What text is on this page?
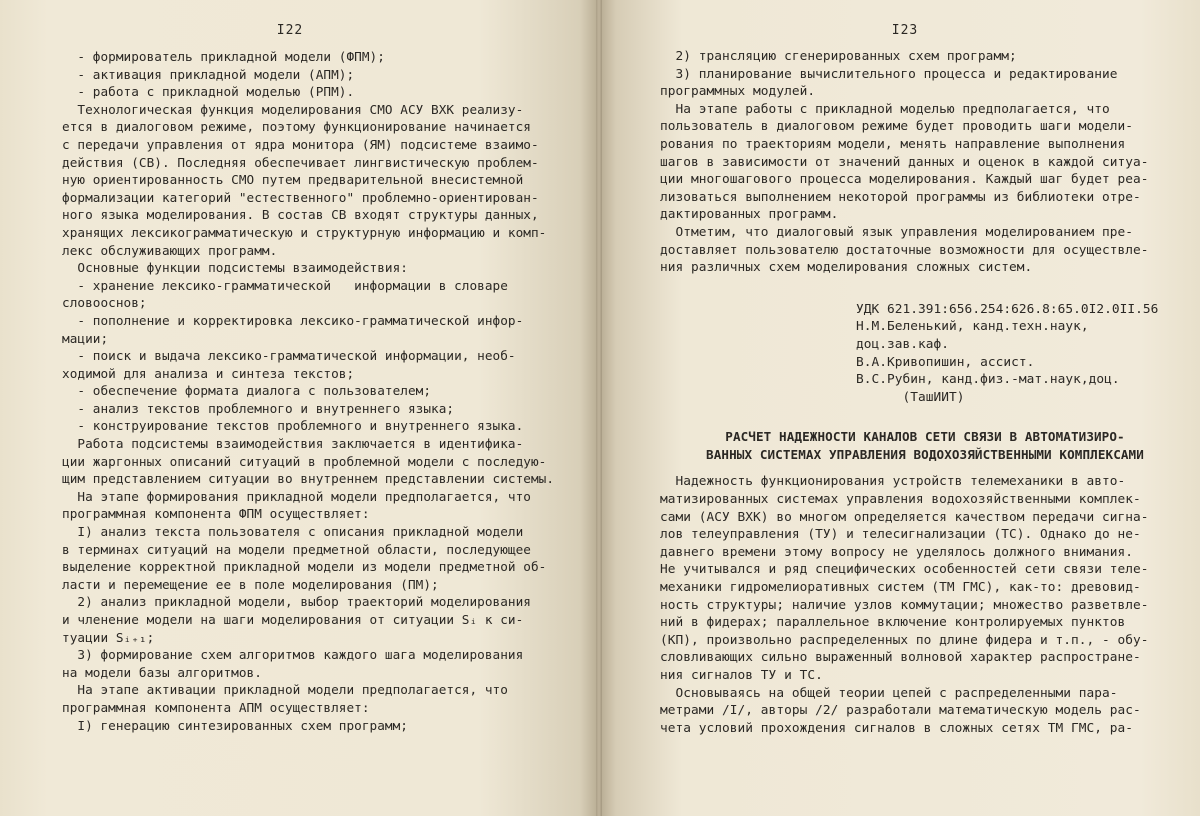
I22
- формирователь прикладной модели (ФПМ);
- активация прикладной модели (АПМ);
- работа с прикладной моделью (РПМ).
Технологическая функция моделирования СМО АСУ ВХК реализу-
ется в диалоговом режиме, поэтому функционирование начинается
с передачи управления от ядра монитора (ЯМ) подсистеме взаимо-
действия (СВ). Последняя обеспечивает лингвистическую проблем-
ную ориентированность СМО путем предварительной внесистемной
формализации категорий "естественного" проблемно-ориентирован-
ного языка моделирования. В состав СВ входят структуры данных,
хранящих лексикограмматическую и структурную информацию и комп-
лекс обслуживающих программ.
Основные функции подсистемы взаимодействия:
- хранение лексико-грамматической   информации в словаре
словооснов;
- пополнение и корректировка лексико-грамматической инфор-
мации;
- поиск и выдача лексико-грамматической информации, необ-
ходимой для анализа и синтеза текстов;
- обеспечение формата диалога с пользователем;
- анализ текстов проблемного и внутреннего языка;
- конструирование текстов проблемного и внутреннего языка.
Работа подсистемы взаимодействия заключается в идентифика-
ции жаргонных описаний ситуаций в проблемной модели с последую-
щим представлением ситуации во внутреннем представлении системы.
На этапе формирования прикладной модели предполагается, что
программная компонента ФПМ осуществляет:
I) анализ текста пользователя с описания прикладной модели
в терминах ситуаций на модели предметной области, последующее
выделение корректной прикладной модели из модели предметной об-
ласти и перемещение ее в поле моделирования (ПМ);
2) анализ прикладной модели, выбор траекторий моделирования
и членение модели на шаги моделирования от ситуации Sᵢ к си-
туации Sᵢ₊₁;
3) формирование схем алгоритмов каждого шага моделирования
на модели базы алгоритмов.
На этапе активации прикладной модели предполагается, что
программная компонента АПМ осуществляет:
I) генерацию синтезированных схем программ;
I23
2) трансляцию сгенерированных схем программ;
3) планирование вычислительного процесса и редактирование
программных модулей.
На этапе работы с прикладной моделью предполагается, что
пользователь в диалоговом режиме будет проводить шаги модели-
рования по траекториям модели, менять направление выполнения
шагов в зависимости от значений данных и оценок в каждой ситуа-
ции многошагового процесса моделирования. Каждый шаг будет реа-
лизоваться выполнением некоторой программы из библиотеки отре-
дактированных программ.
Отметим, что диалоговый язык управления моделированием пре-
доставляет пользователю достаточные возможности для осуществле-
ния различных схем моделирования сложных систем.
УДК 621.391:656.254:626.8:65.0I2.0II.56
Н.М.Беленький, канд.техн.наук,
доц.зав.каф.
В.А.Кривопишин, ассист.
В.С.Рубин, канд.физ.-мат.наук,доц.
(ТашИИТ)
РАСЧЕТ НАДЕЖНОСТИ КАНАЛОВ СЕТИ СВЯЗИ В АВТОМАТИЗИРО-
ВАННЫХ СИСТЕМАХ УПРАВЛЕНИЯ ВОДОХОЗЯЙСТВЕННЫМИ КОМПЛЕКСАМИ
Надежность функционирования устройств телемеханики в авто-
матизированных системах управления водохозяйственными комплек-
сами (АСУ ВХК) во многом определяется качеством передачи сигна-
лов телеуправления (ТУ) и телесигнализации (ТС). Однако до не-
давнего времени этому вопросу не уделялось должного внимания.
Не учитывался и ряд специфических особенностей сети связи теле-
механики гидромелиоративных систем (ТМ ГМС), как-то: древовид-
ность структуры; наличие узлов коммутации; множество разветвле-
ний в фидерах; параллельное включение контролируемых пунктов
(КП), произвольно распределенных по длине фидера и т.п., - обу-
словливающих сильно выраженный волновой характер распростране-
ния сигналов ТУ и ТС.
Основываясь на общей теории цепей с распределенными пара-
метрами /I/, авторы /2/ разработали математическую модель рас-
чета условий прохождения сигналов в сложных сетях ТМ ГМС, ра-
